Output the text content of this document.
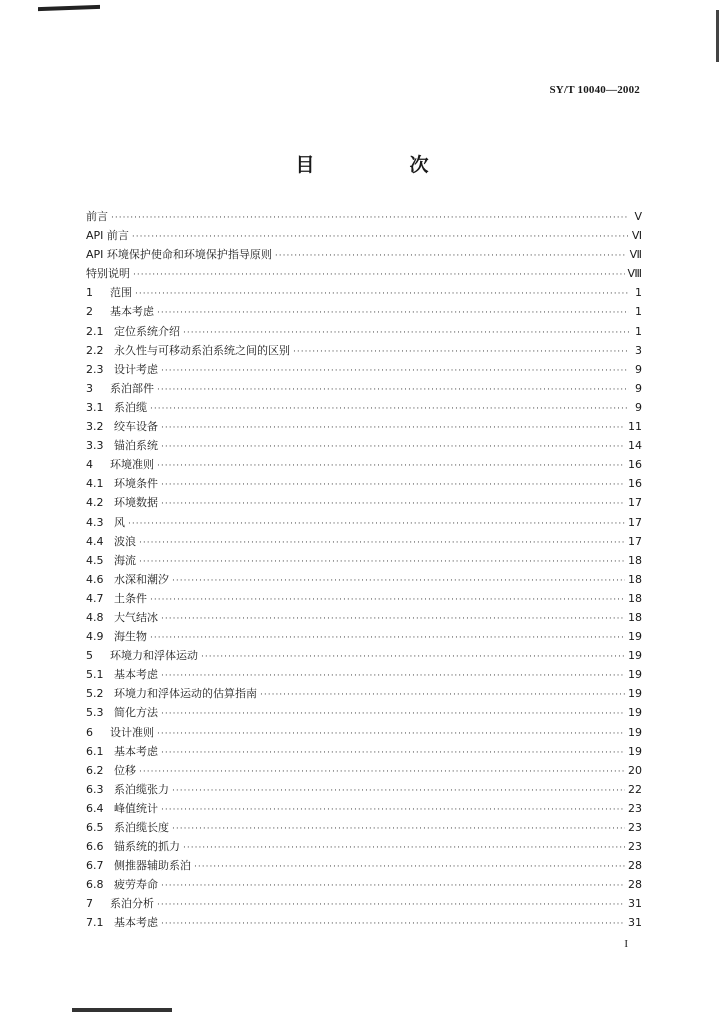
SY/T 10040—2002
目　次
前言 ·····	V
API 前言 ·····	Ⅵ
API 环境保护使命和环境保护指导原则 ·····	Ⅶ
特别说明 ·····	Ⅷ
1	范围 ·····	1
2	基本考虑 ·····	1
2.1 定位系统介绍 ·····	1
2.2 永久性与可移动系泊系统之间的区别 ·····	3
2.3 设计考虑 ·····	9
3	系泊部件 ·····	9
3.1 系泊缆 ·····	9
3.2 绞车设备 ·····	11
3.3 锚泊系统 ·····	14
4	环境准则 ·····	16
4.1 环境条件 ·····	16
4.2 环境数据 ·····	17
4.3 风 ·····	17
4.4 波浪 ·····	17
4.5 海流 ·····	18
4.6 水深和潮汐 ·····	18
4.7 土条件 ·····	18
4.8 大气结冰 ·····	18
4.9 海生物 ·····	19
5	环境力和浮体运动 ·····	19
5.1 基本考虑 ·····	19
5.2 环境力和浮体运动的估算指南 ·····	19
5.3 简化方法 ·····	19
6	设计准则 ·····	19
6.1 基本考虑 ·····	19
6.2 位移 ·····	20
6.3 系泊缆张力 ·····	22
6.4 峰值统计 ·····	23
6.5 系泊缆长度 ·····	23
6.6 锚系统的抓力 ·····	23
6.7 侧推器辅助系泊 ·····	28
6.8 疲劳寿命 ·····	28
7	系泊分析 ·····	31
7.1 基本考虑 ·····	31
I
